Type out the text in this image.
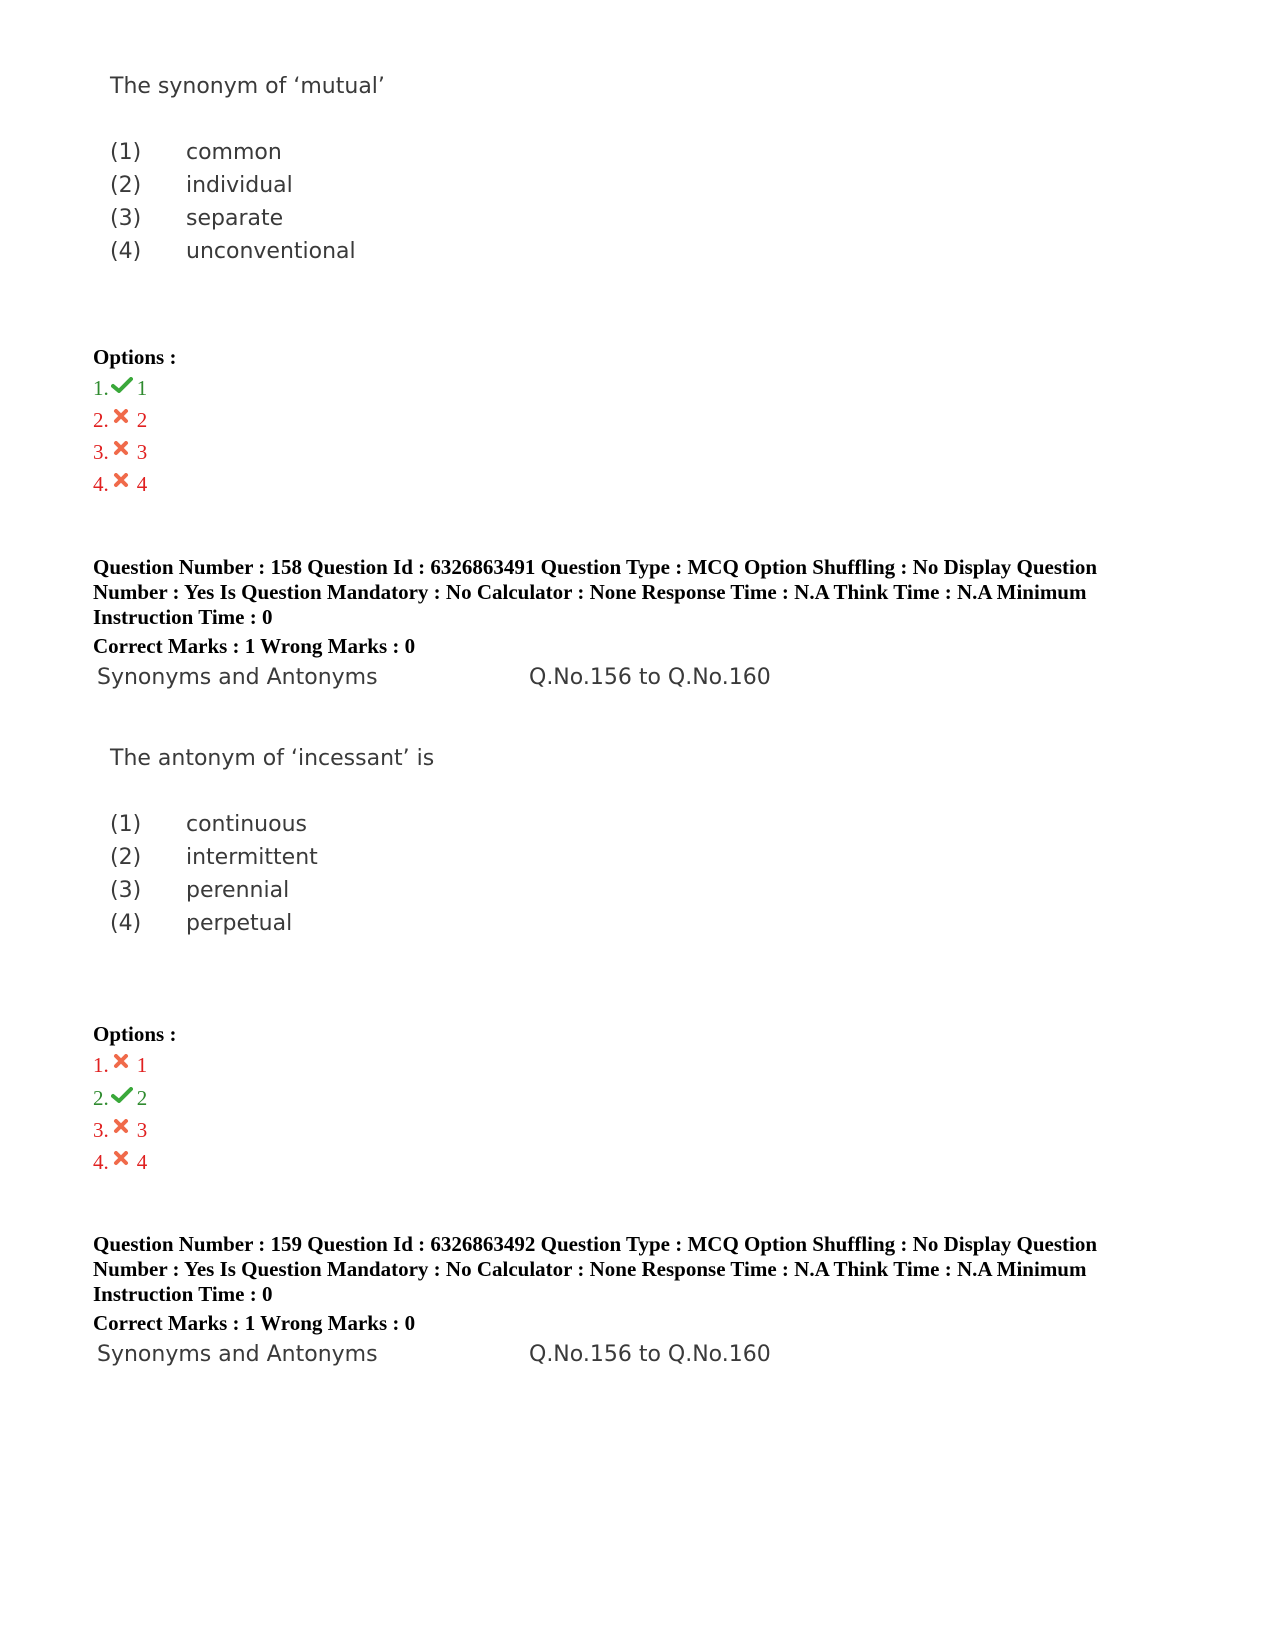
The synonym of ‘mutual’
(1) common
(2) individual
(3) separate
(4) unconventional
Options :
1. 1
2. 2
3. 3
4. 4
Question Number : 158 Question Id : 6326863491 Question Type : MCQ Option Shuffling : No Display Question
Number : Yes Is Question Mandatory : No Calculator : None Response Time : N.A Think Time : N.A Minimum
Instruction Time : 0
Correct Marks : 1 Wrong Marks : 0
Synonyms and Antonyms	Q.No.156 to Q.No.160
The antonym of ‘incessant’ is
(1) continuous
(2) intermittent
(3) perennial
(4) perpetual
Options :
1. 1
2. 2
3. 3
4. 4
Question Number : 159 Question Id : 6326863492 Question Type : MCQ Option Shuffling : No Display Question
Number : Yes Is Question Mandatory : No Calculator : None Response Time : N.A Think Time : N.A Minimum
Instruction Time : 0
Correct Marks : 1 Wrong Marks : 0
Synonyms and Antonyms	Q.No.156 to Q.No.160
